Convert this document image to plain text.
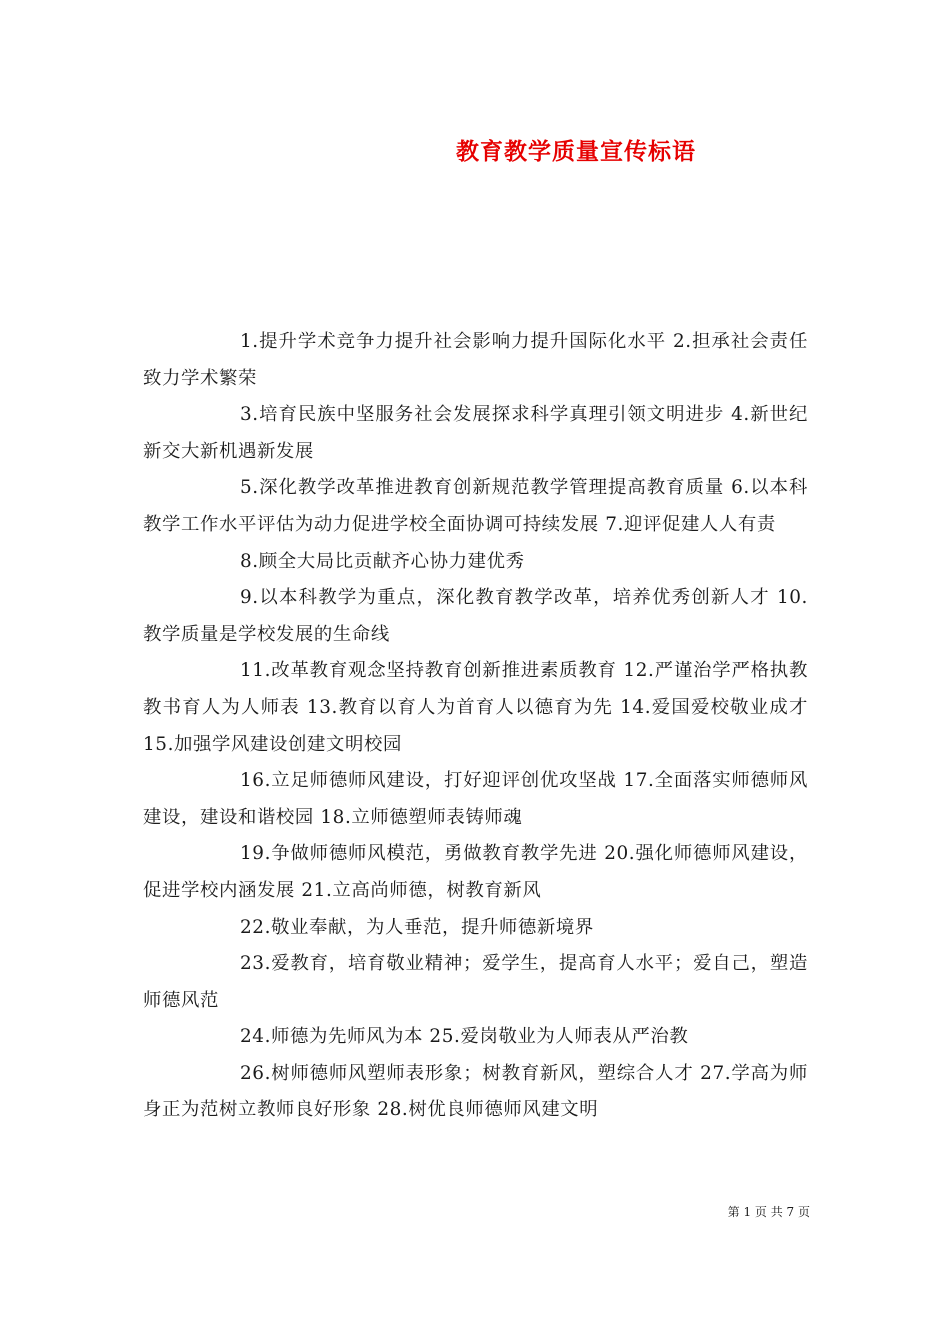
教育教学质量宣传标语

1.提升学术竞争力提升社会影响力提升国际化水平 2.担承社会责任致力学术繁荣

3.培育民族中坚服务社会发展探求科学真理引领文明进步 4.新世纪新交大新机遇新发展

5.深化教学改革推进教育创新规范教学管理提高教育质量 6.以本科教学工作水平评估为动力促进学校全面协调可持续发展 7.迎评促建人人有责

8.顾全大局比贡献齐心协力建优秀

9.以本科教学为重点，深化教育教学改革，培养优秀创新人才 10.教学质量是学校发展的生命线

11.改革教育观念坚持教育创新推进素质教育 12.严谨治学严格执教教书育人为人师表 13.教育以育人为首育人以德育为先 14.爱国爱校敬业成才 15.加强学风建设创建文明校园

16.立足师德师风建设，打好迎评创优攻坚战 17.全面落实师德师风建设，建设和谐校园 18.立师德塑师表铸师魂

19.争做师德师风模范，勇做教育教学先进 20.强化师德师风建设，促进学校内涵发展 21.立高尚师德，树教育新风

22.敬业奉献，为人垂范，提升师德新境界

23.爱教育，培育敬业精神；爱学生，提高育人水平；爱自己，塑造师德风范

24.师德为先师风为本 25.爱岗敬业为人师表从严治教

26.树师德师风塑师表形象；树教育新风，塑综合人才 27.学高为师身正为范树立教师良好形象 28.树优良师德师风建文明

第 1 页 共 7 页
